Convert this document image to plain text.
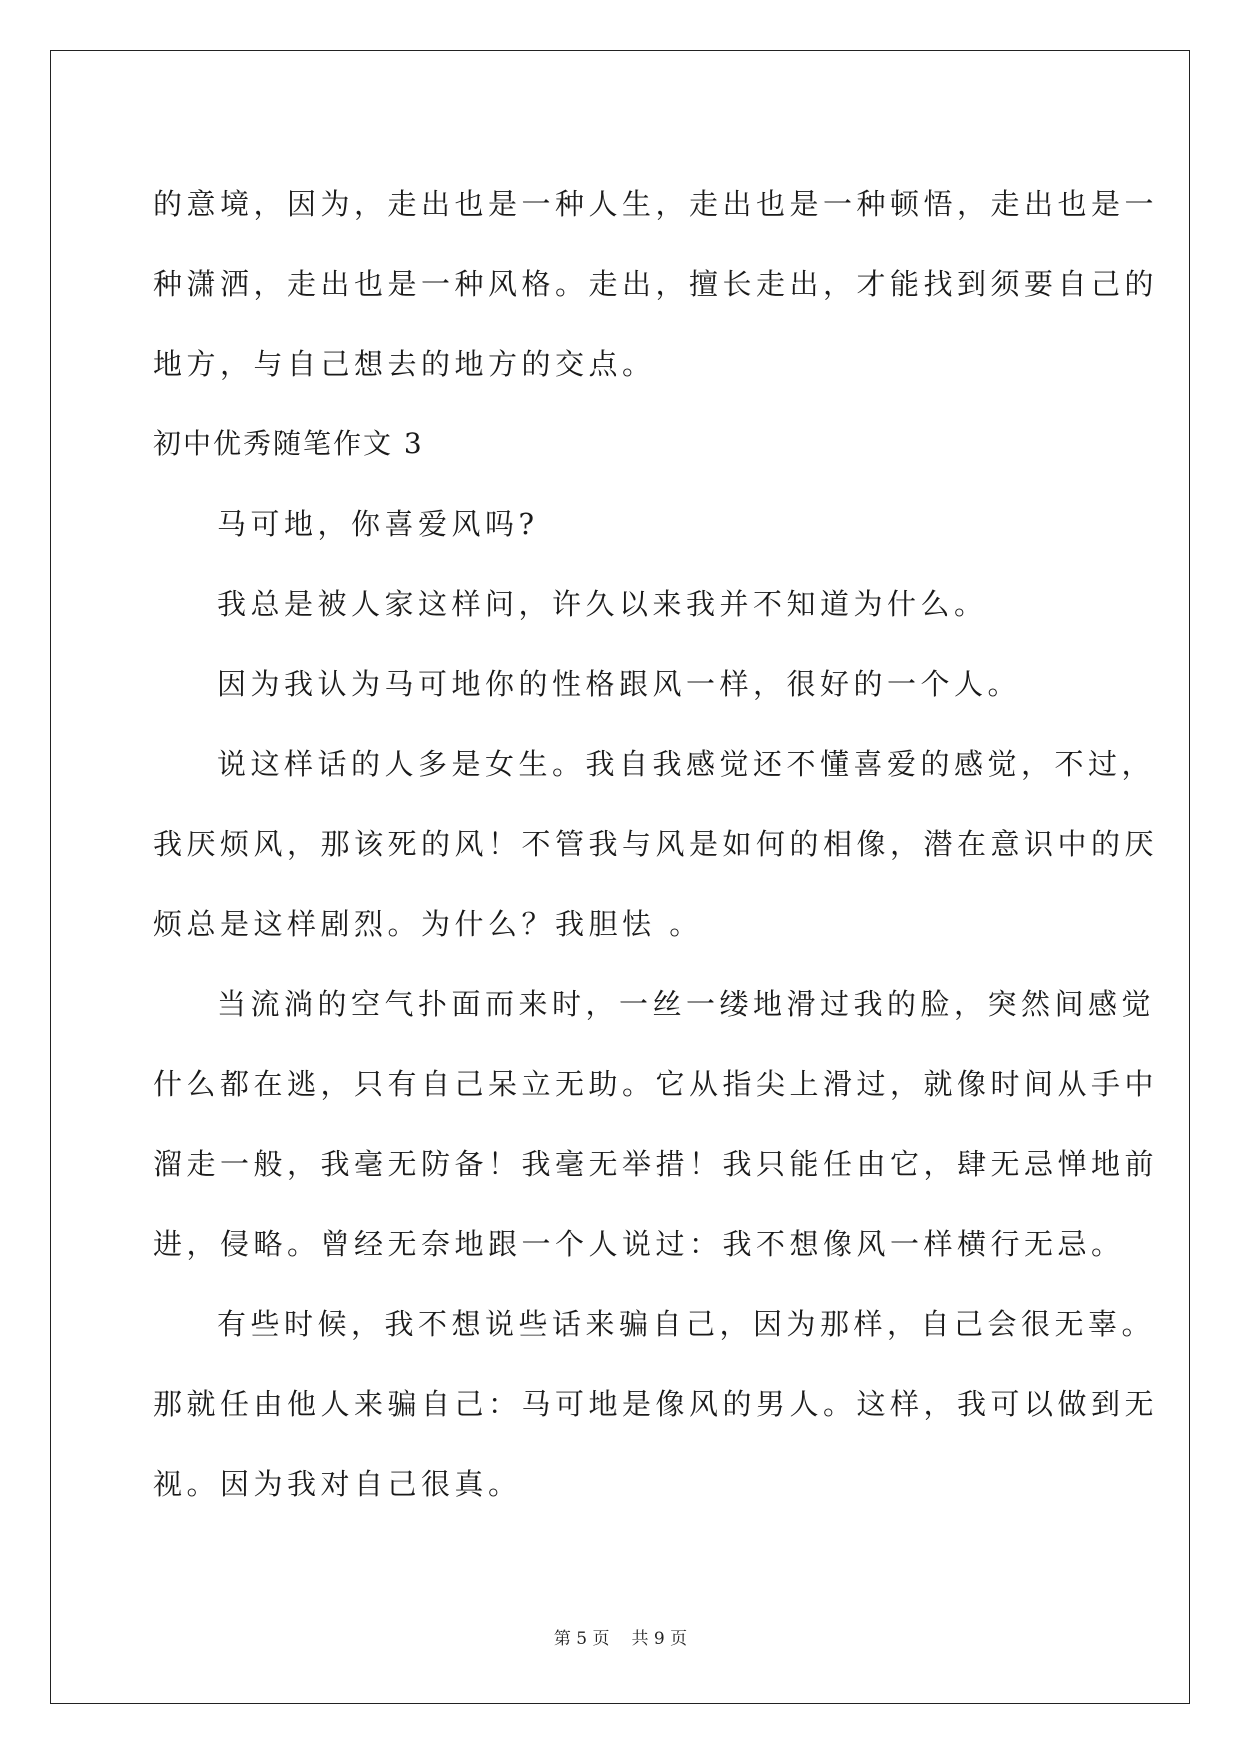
的意境，因为，走出也是一种人生，走出也是一种顿悟，走出也是一

种潇洒，走出也是一种风格。走出，擅长走出，才能找到须要自己的

地方，与自己想去的地方的交点。

初中优秀随笔作文 3

马可地，你喜爱风吗?

我总是被人家这样问，许久以来我并不知道为什么。

因为我认为马可地你的性格跟风一样，很好的一个人。

说这样话的人多是女生。我自我感觉还不懂喜爱的感觉，不过，

我厌烦风，那该死的风！不管我与风是如何的相像，潜在意识中的厌

烦总是这样剧烈。为什么？我胆怯 。

当流淌的空气扑面而来时，一丝一缕地滑过我的脸，突然间感觉

什么都在逃，只有自己呆立无助。它从指尖上滑过，就像时间从手中

溜走一般，我毫无防备！我毫无举措！我只能任由它，肆无忌惮地前

进，侵略。曾经无奈地跟一个人说过：我不想像风一样横行无忌。

有些时候，我不想说些话来骗自己，因为那样，自己会很无辜。

那就任由他人来骗自己：马可地是像风的男人。这样，我可以做到无

视。因为我对自己很真。

第 5 页 共 9 页
